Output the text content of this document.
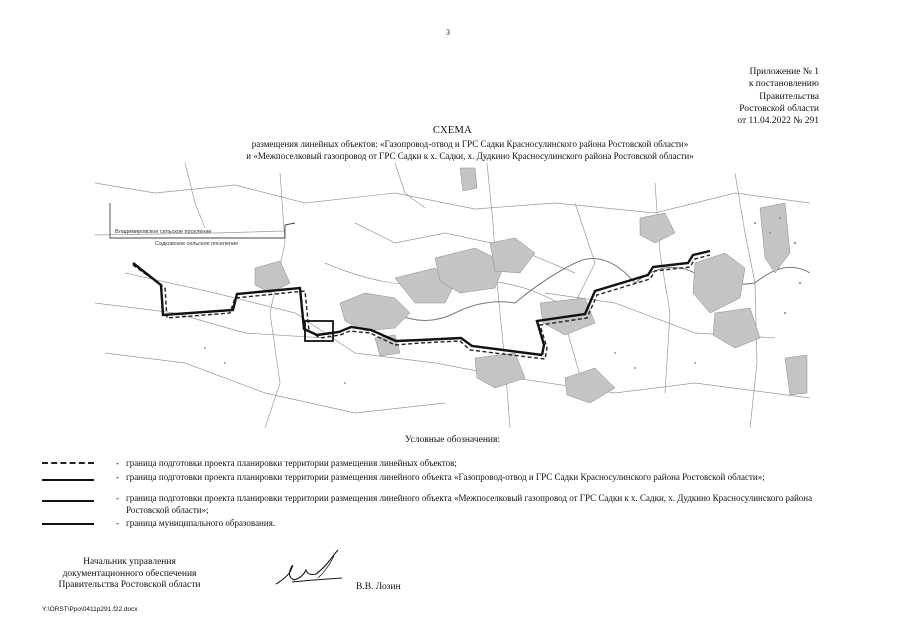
3
Приложение № 1
к постановлению
Правительства
Ростовской области
от 11.04.2022 № 291
СХЕМА
размещения линейных объектов: «Газопровод-отвод и ГРС Садки Красносулинского района Ростовской области»
и «Межпоселковый газопровод от ГРС Садки к х. Садки, х. Дудкино Красносулинского района Ростовской области»
Владимировское сельское поселение
Садковское сельское поселение
Условные обозначения:
- граница подготовки проекта планировки территории размещения линейных объектов;
- граница подготовки проекта планировки территории размещения линейного объекта «Газопровод-отвод и ГРС Садки Красносулинского района Ростовской области»;
- граница подготовки проекта планировки территории размещения линейного объекта «Межпоселковый газопровод от ГРС Садки к х. Садки, х. Дудкино Красносулинского района Ростовской области»;
- граница муниципального образования.
Начальник управления
документационного обеспечения
Правительства Ростовской области	В.В. Лозин
Y:\ORST\Ppo\0411p291.f22.docx
